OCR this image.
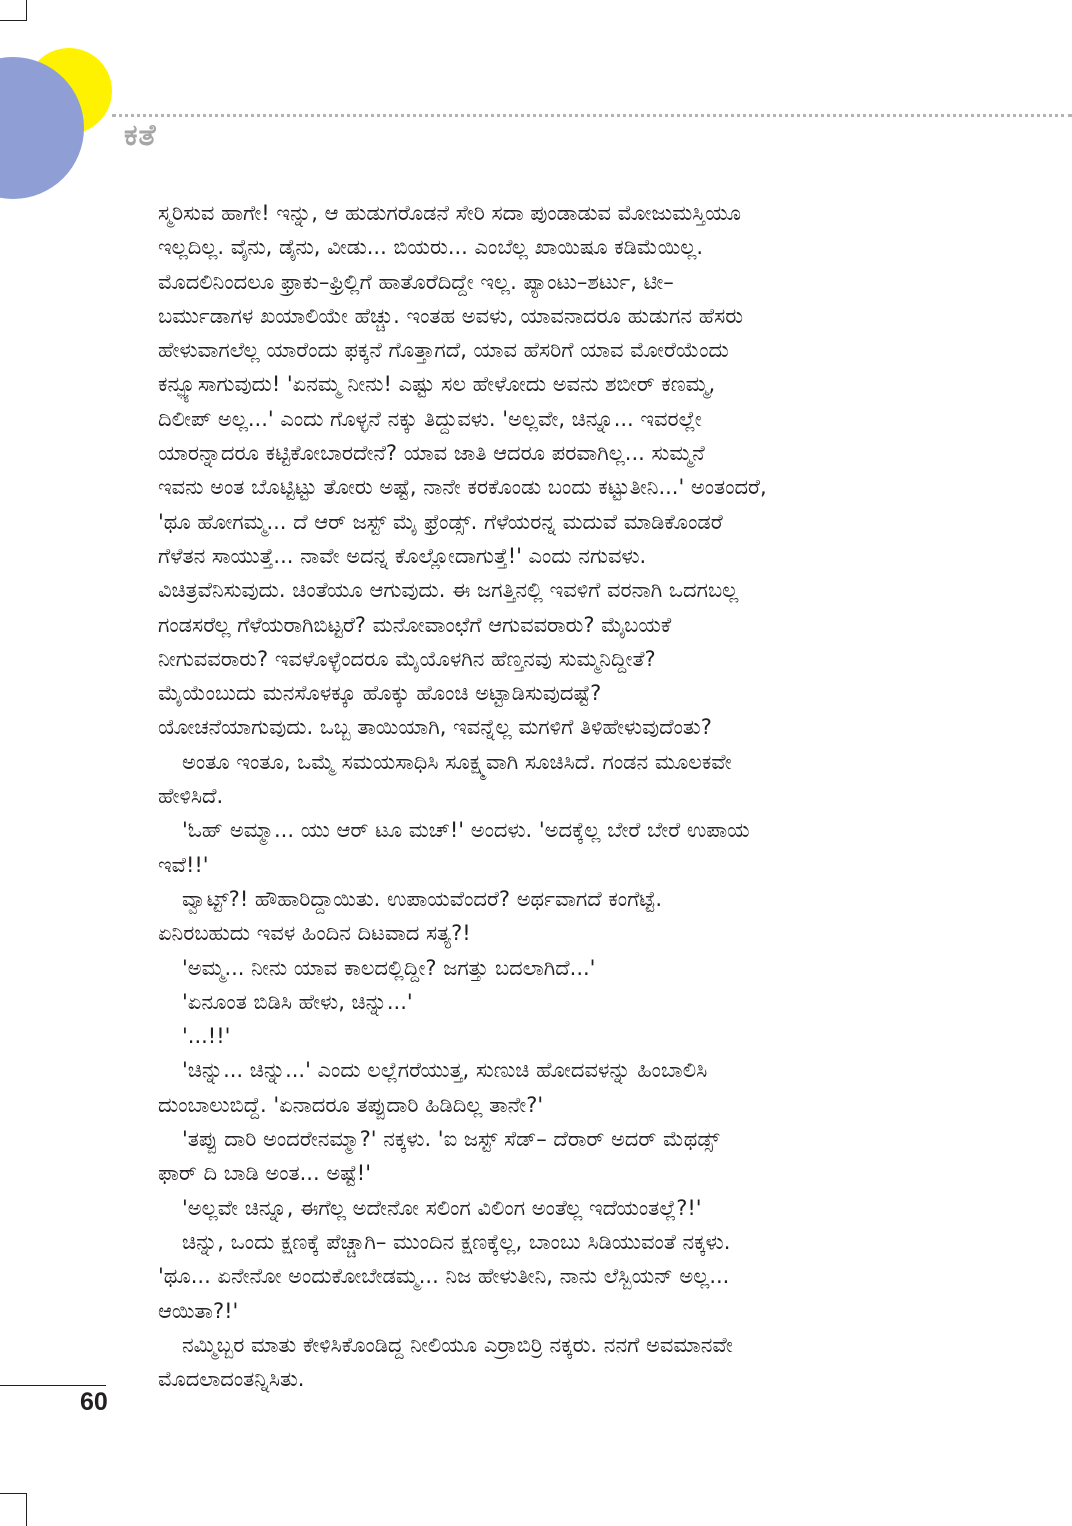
ಕತೆ
ಸ್ಮರಿಸುವ ಹಾಗೇ! ಇನ್ನು, ಆ ಹುಡುಗರೊಡನೆ ಸೇರಿ ಸದಾ ಪುಂಡಾಡುವ ಮೋಜುಮಸ್ತಿಯೂ
ಇಲ್ಲದಿಲ್ಲ. ವೈನು, ಡೈನು, ವೀಡು... ಬಿಯರು... ಎಂಬೆಲ್ಲ ಖಾಯಿಷೂ ಕಡಿಮೆಯಿಲ್ಲ.
ಮೊದಲಿನಿಂದಲೂ ಫ್ರಾಕು–ಫ್ರಿಲ್ಲಿಗೆ ಹಾತೊರೆದಿದ್ದೇ ಇಲ್ಲ. ಪ್ಯಾಂಟು–ಶರ್ಟು, ಟೀ–
ಬರ್ಮುಡಾಗಳ ಖಯಾಲಿಯೇ ಹೆಚ್ಚು. ಇಂತಹ ಅವಳು, ಯಾವನಾದರೂ ಹುಡುಗನ ಹೆಸರು
ಹೇಳುವಾಗಲೆಲ್ಲ ಯಾರೆಂದು ಫಕ್ಕನೆ ಗೊತ್ತಾಗದೆ, ಯಾವ ಹೆಸರಿಗೆ ಯಾವ ಮೋರೆಯೆಂದು
ಕನ್ಫ್ಯೂಸಾಗುವುದು! 'ಏನಮ್ಮ ನೀನು! ಎಷ್ಟು ಸಲ ಹೇಳೋದು ಅವನು ಶಬೀರ್ ಕಣಮ್ಮ,
ದಿಲೀಪ್ ಅಲ್ಲ...' ಎಂದು ಗೊಳ್ಳನೆ ನಕ್ಕು ತಿದ್ದುವಳು. 'ಅಲ್ಲವೇ, ಚಿನ್ನೂ... ಇವರಲ್ಲೇ
ಯಾರನ್ನಾದರೂ ಕಟ್ಟಿಕೋಬಾರದೇನೆ? ಯಾವ ಜಾತಿ ಆದರೂ ಪರವಾಗಿಲ್ಲ... ಸುಮ್ಮನೆ
ಇವನು ಅಂತ ಬೊಟ್ಟಿಟ್ಟು ತೋರು ಅಷ್ಟೆ, ನಾನೇ ಕರಕೊಂಡು ಬಂದು ಕಟ್ಟುತೀನಿ...' ಅಂತಂದರೆ,
'ಥೂ ಹೋಗಮ್ಮ... ದೆ ಆರ್ ಜಸ್ಟ್ ಮೈ ಫ್ರೆಂಡ್ಸ್. ಗೆಳೆಯರನ್ನ ಮದುವೆ ಮಾಡಿಕೊಂಡರೆ
ಗೆಳೆತನ ಸಾಯುತ್ತೆ... ನಾವೇ ಅದನ್ನ ಕೊಲ್ಲೋದಾಗುತ್ತೆ!' ಎಂದು ನಗುವಳು.
ವಿಚಿತ್ರವೆನಿಸುವುದು. ಚಿಂತೆಯೂ ಆಗುವುದು. ಈ ಜಗತ್ತಿನಲ್ಲಿ ಇವಳಿಗೆ ವರನಾಗಿ ಒದಗಬಲ್ಲ
ಗಂಡಸರೆಲ್ಲ ಗೆಳೆಯರಾಗಿಬಿಟ್ಟರೆ? ಮನೋವಾಂಛೆಗೆ ಆಗುವವರಾರು? ಮೈಬಯಕೆ
ನೀಗುವವರಾರು? ಇವಳೊಳ್ಳೆಂದರೂ ಮೈಯೊಳಗಿನ ಹೆಣ್ತನವು ಸುಮ್ಮನಿದ್ದೀತೆ?
ಮೈಯೆಂಬುದು ಮನಸೊಳಕ್ಕೂ ಹೊಕ್ಕು ಹೊಂಚಿ ಅಟ್ಟಾಡಿಸುವುದಷ್ಟೆ?
ಯೋಚನೆಯಾಗುವುದು. ಒಬ್ಬ ತಾಯಿಯಾಗಿ, ಇವನ್ನೆಲ್ಲ ಮಗಳಿಗೆ ತಿಳಿಹೇಳುವುದೆಂತು?
ಅಂತೂ ಇಂತೂ, ಒಮ್ಮೆ ಸಮಯಸಾಧಿಸಿ ಸೂಕ್ಷ್ಮವಾಗಿ ಸೂಚಿಸಿದೆ. ಗಂಡನ ಮೂಲಕವೇ
ಹೇಳಿಸಿದೆ.
'ಓಹ್ ಅಮ್ಮಾ... ಯು ಆರ್ ಟೂ ಮಚ್!' ಅಂದಳು. 'ಅದಕ್ಕೆಲ್ಲ ಬೇರೆ ಬೇರೆ ಉಪಾಯ
ಇವೆ!!'
ವ್ವಾಟ್ಟ್?! ಹೌಹಾರಿದ್ದಾಯಿತು. ಉಪಾಯವೆಂದರೆ? ಅರ್ಥವಾಗದೆ ಕಂಗೆಟ್ಟೆ.
ಏನಿರಬಹುದು ಇವಳ ಹಿಂದಿನ ದಿಟವಾದ ಸತ್ಯ?!
'ಅಮ್ಮ... ನೀನು ಯಾವ ಕಾಲದಲ್ಲಿದ್ದೀ? ಜಗತ್ತು ಬದಲಾಗಿದೆ...'
'ಏನೂಂತ ಬಿಡಿಸಿ ಹೇಳು, ಚಿನ್ನು...'
'...!!'
'ಚಿನ್ನು... ಚಿನ್ನು...' ಎಂದು ಲಲ್ಲೆಗರೆಯುತ್ತ, ಸುಣುಚಿ ಹೋದವಳನ್ನು ಹಿಂಬಾಲಿಸಿ
ದುಂಬಾಲುಬಿದ್ದೆ. 'ಏನಾದರೂ ತಪ್ಪುದಾರಿ ಹಿಡಿದಿಲ್ಲ ತಾನೇ?'
'ತಪ್ಪು ದಾರಿ ಅಂದರೇನಮ್ಮಾ?' ನಕ್ಕಳು. 'ಐ ಜಸ್ಟ್ ಸೆಡ್– ದೆರಾರ್ ಅದರ್ ಮೆಥಡ್ಸ್
ಫಾರ್ ದಿ ಬಾಡಿ ಅಂತ... ಅಷ್ಟೆ!'
'ಅಲ್ಲವೇ ಚಿನ್ನೂ, ಈಗೆಲ್ಲ ಅದೇನೋ ಸಲಿಂಗ ವಿಲಿಂಗ ಅಂತೆಲ್ಲ ಇದೆಯಂತಲ್ಲೆ?!'
ಚಿನ್ನು, ಒಂದು ಕ್ಷಣಕ್ಕೆ ಪೆಚ್ಚಾಗಿ– ಮುಂದಿನ ಕ್ಷಣಕ್ಕೆಲ್ಲ, ಬಾಂಬು ಸಿಡಿಯುವಂತೆ ನಕ್ಕಳು.
'ಥೂ... ಏನೇನೋ ಅಂದುಕೋಬೇಡಮ್ಮ... ನಿಜ ಹೇಳುತೀನಿ, ನಾನು ಲೆಸ್ಬಿಯನ್ ಅಲ್ಲ...
ಆಯಿತಾ?!'
ನಮ್ಮಿಬ್ಬರ ಮಾತು ಕೇಳಿಸಿಕೊಂಡಿದ್ದ ನೀಲಿಯೂ ಎರ್ರಾಬಿರ್ರಿ ನಕ್ಕರು. ನನಗೆ ಅವಮಾನವೇ
ಮೊದಲಾದಂತನ್ನಿಸಿತು.
60
